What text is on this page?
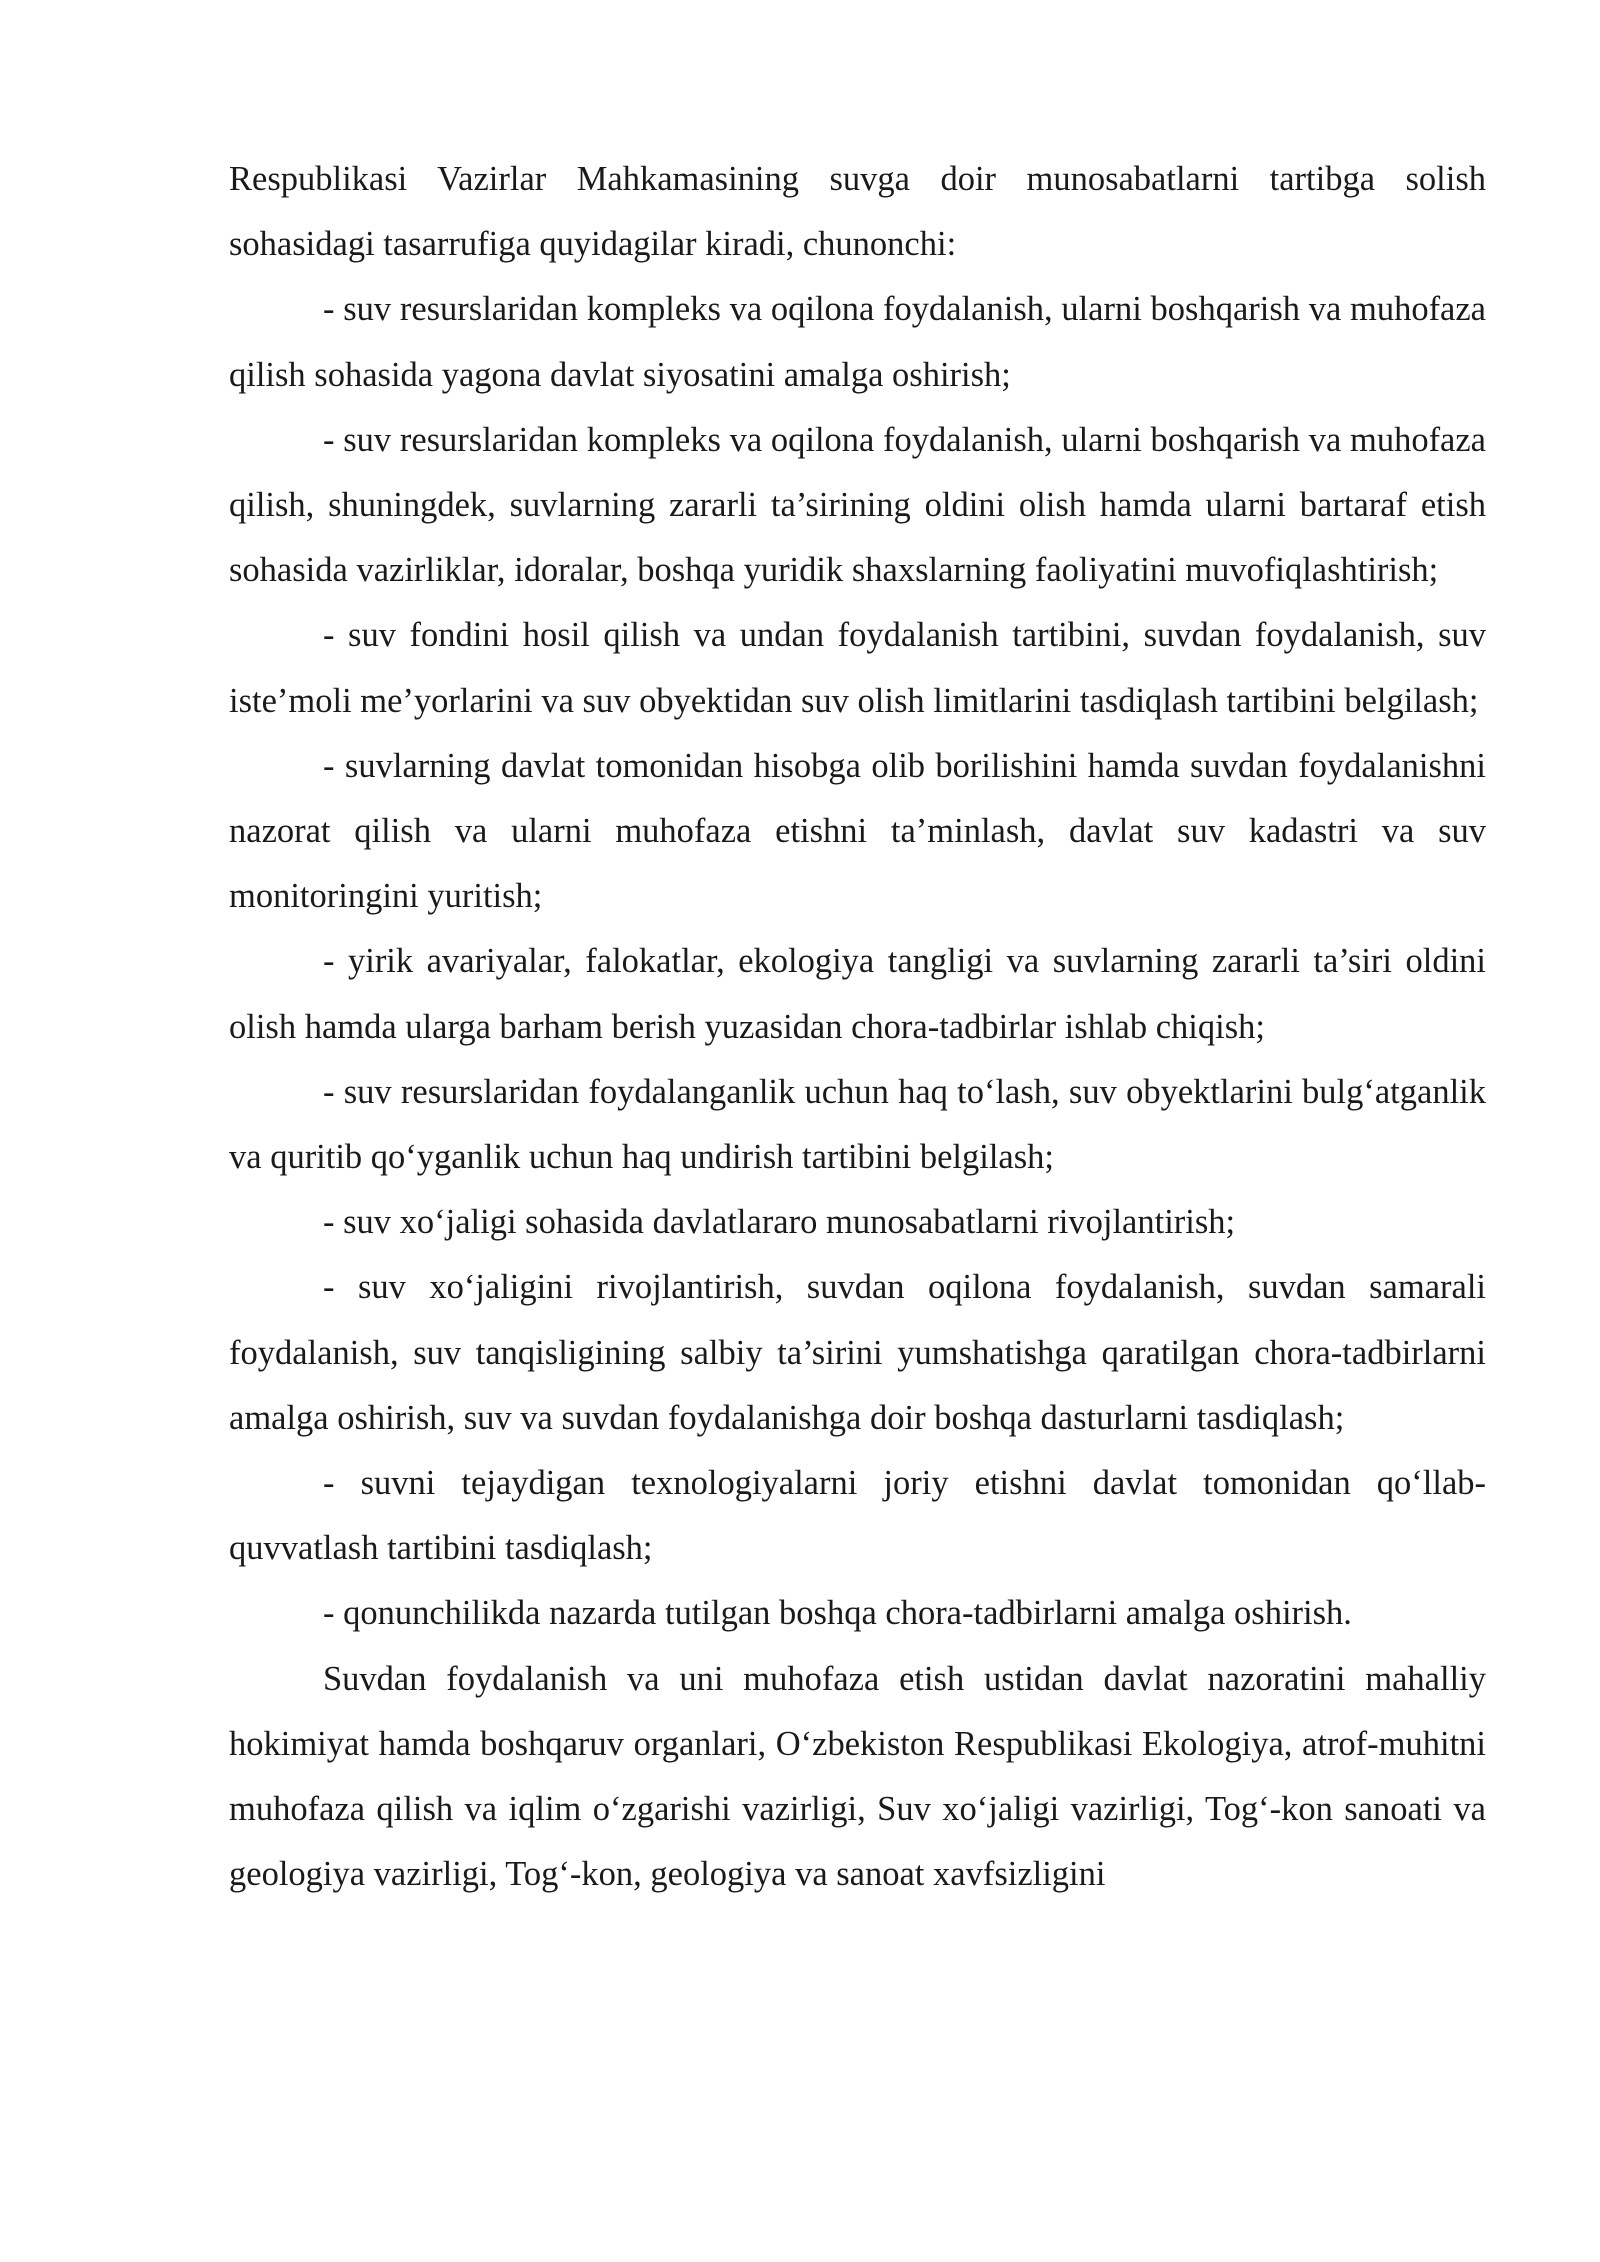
Respublikasi Vazirlar Mahkamasining suvga doir munosabatlarni tartibga solish sohasidagi tasarrufiga quyidagilar kiradi, chunonchi:

- suv resurslaridan kompleks va oqilona foydalanish, ularni boshqarish va muhofaza qilish sohasida yagona davlat siyosatini amalga oshirish;

- suv resurslaridan kompleks va oqilona foydalanish, ularni boshqarish va muhofaza qilish, shuningdek, suvlarning zararli ta’sirining oldini olish hamda ularni bartaraf etish sohasida vazirliklar, idoralar, boshqa yuridik shaxslarning faoliyatini muvofiqlashtirish;

- suv fondini hosil qilish va undan foydalanish tartibini, suvdan foydalanish, suv iste’moli me’yorlarini va suv obyektidan suv olish limitlarini tasdiqlash tartibini belgilash;

- suvlarning davlat tomonidan hisobga olib borilishini hamda suvdan foydalanishni nazorat qilish va ularni muhofaza etishni ta’minlash, davlat suv kadastri va suv monitoringini yuritish;

- yirik avariyalar, falokatlar, ekologiya tangligi va suvlarning zararli ta’siri oldini olish hamda ularga barham berish yuzasidan chora-tadbirlar ishlab chiqish;

- suv resurslaridan foydalanganlik uchun haq to‘lash, suv obyektlarini bulg‘atganlik va quritib qo‘yganlik uchun haq undirish tartibini belgilash;

- suv xo‘jaligi sohasida davlatlararo munosabatlarni rivojlantirish;

- suv xo‘jaligini rivojlantirish, suvdan oqilona foydalanish, suvdan samarali foydalanish, suv tanqisligining salbiy ta’sirini yumshatishga qaratilgan chora-tadbirlarni amalga oshirish, suv va suvdan foydalanishga doir boshqa dasturlarni tasdiqlash;

- suvni tejaydigan texnologiyalarni joriy etishni davlat tomonidan qo‘llab-quvvatlash tartibini tasdiqlash;

- qonunchilikda nazarda tutilgan boshqa chora-tadbirlarni amalga oshirish.

Suvdan foydalanish va uni muhofaza etish ustidan davlat nazoratini mahalliy hokimiyat hamda boshqaruv organlari, O‘zbekiston Respublikasi Ekologiya, atrof-muhitni muhofaza qilish va iqlim o‘zgarishi vazirligi, Suv xo‘jaligi vazirligi, Tog‘-kon sanoati va geologiya vazirligi, Tog‘-kon, geologiya va sanoat xavfsizligini
